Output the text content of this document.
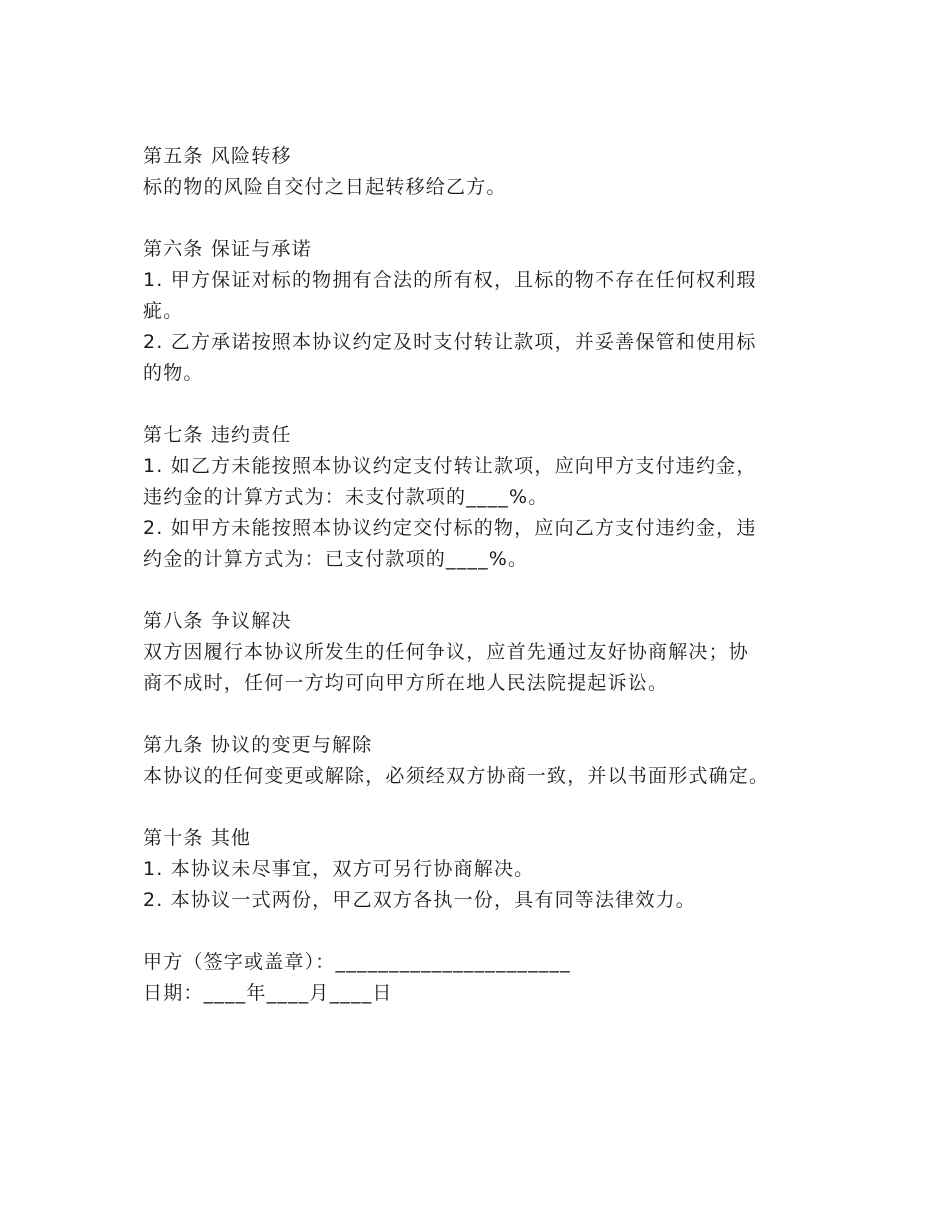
第五条 风险转移
标的物的风险自交付之日起转移给乙方。
第六条 保证与承诺
1. 甲方保证对标的物拥有合法的所有权，且标的物不存在任何权利瑕
疵。
2. 乙方承诺按照本协议约定及时支付转让款项，并妥善保管和使用标
的物。
第七条 违约责任
1. 如乙方未能按照本协议约定支付转让款项，应向甲方支付违约金，
违约金的计算方式为：未支付款项的____%。
2. 如甲方未能按照本协议约定交付标的物，应向乙方支付违约金，违
约金的计算方式为：已支付款项的____%。
第八条 争议解决
双方因履行本协议所发生的任何争议，应首先通过友好协商解决；协
商不成时，任何一方均可向甲方所在地人民法院提起诉讼。
第九条 协议的变更与解除
本协议的任何变更或解除，必须经双方协商一致，并以书面形式确定。
第十条 其他
1. 本协议未尽事宜，双方可另行协商解决。
2. 本协议一式两份，甲乙双方各执一份，具有同等法律效力。
甲方（签字或盖章）：______________________
日期：____年____月____日
